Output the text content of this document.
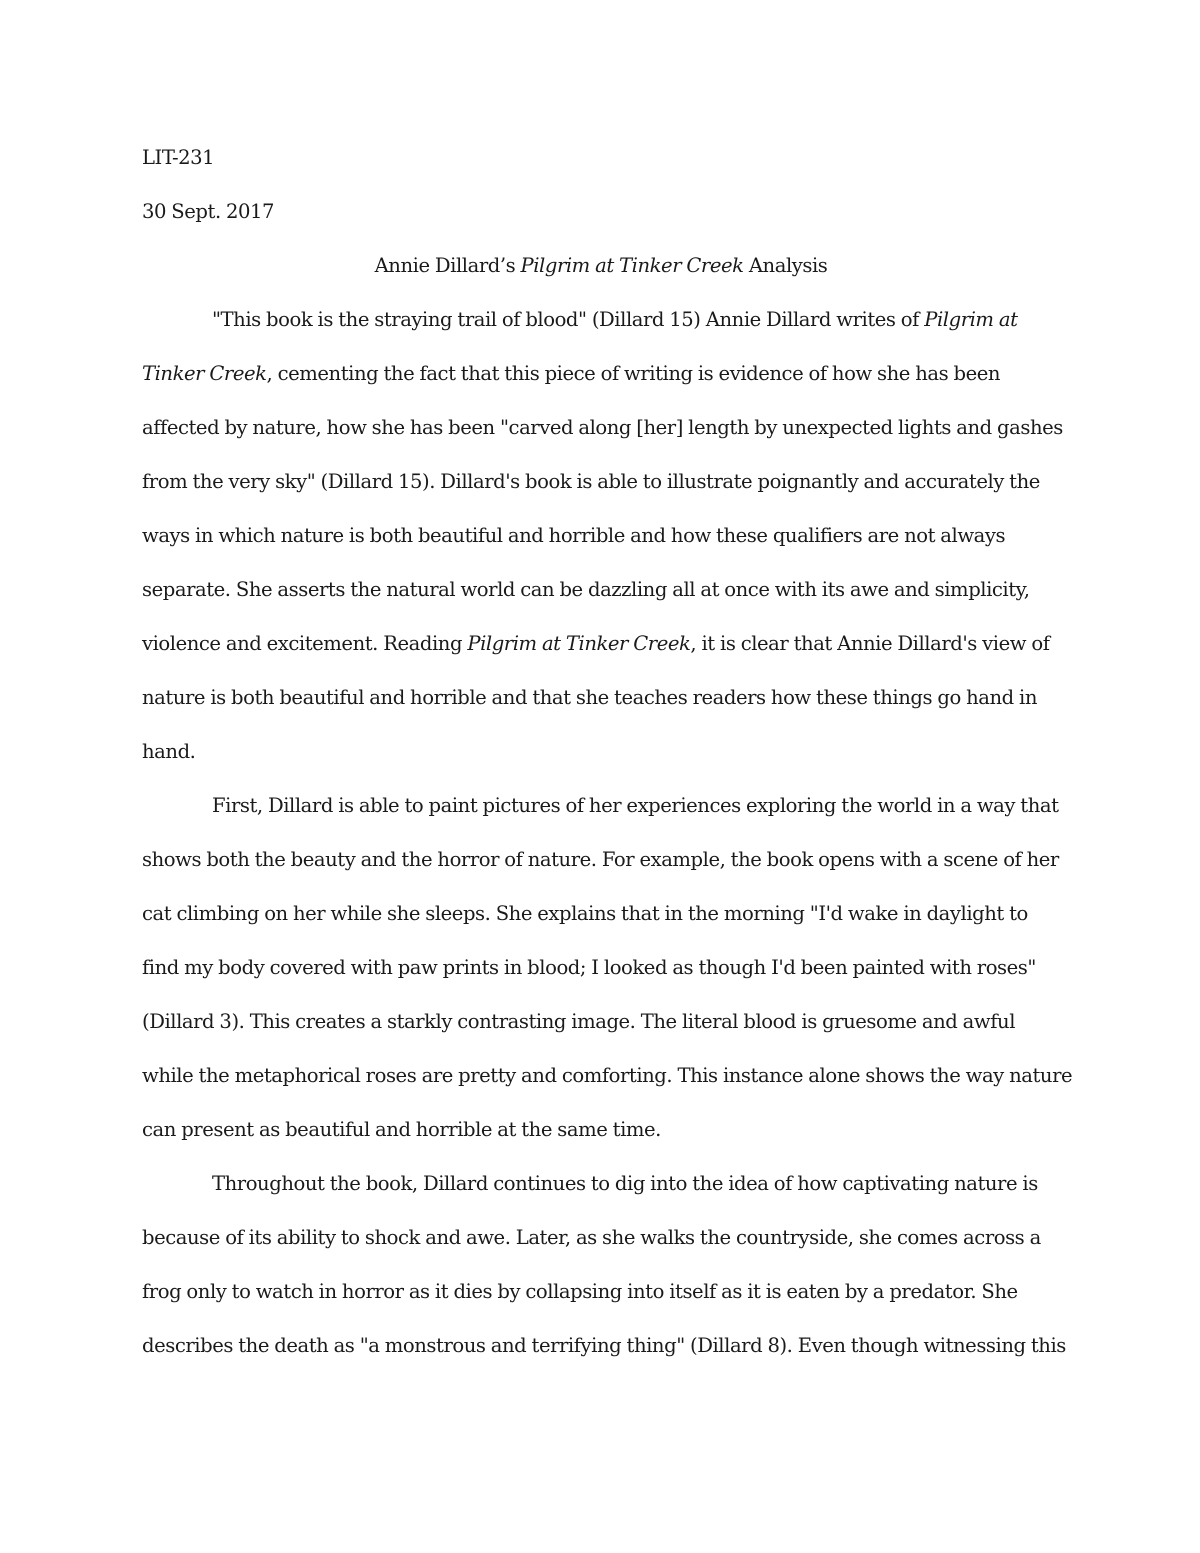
LIT-231
30 Sept. 2017
Annie Dillard’s Pilgrim at Tinker Creek Analysis
"This book is the straying trail of blood" (Dillard 15) Annie Dillard writes of Pilgrim at
Tinker Creek, cementing the fact that this piece of writing is evidence of how she has been
affected by nature, how she has been "carved along [her] length by unexpected lights and gashes
from the very sky" (Dillard 15). Dillard's book is able to illustrate poignantly and accurately the
ways in which nature is both beautiful and horrible and how these qualifiers are not always
separate. She asserts the natural world can be dazzling all at once with its awe and simplicity,
violence and excitement. Reading Pilgrim at Tinker Creek, it is clear that Annie Dillard's view of
nature is both beautiful and horrible and that she teaches readers how these things go hand in
hand.
First, Dillard is able to paint pictures of her experiences exploring the world in a way that
shows both the beauty and the horror of nature. For example, the book opens with a scene of her
cat climbing on her while she sleeps. She explains that in the morning "I'd wake in daylight to
find my body covered with paw prints in blood; I looked as though I'd been painted with roses"
(Dillard 3). This creates a starkly contrasting image. The literal blood is gruesome and awful
while the metaphorical roses are pretty and comforting. This instance alone shows the way nature
can present as beautiful and horrible at the same time.
Throughout the book, Dillard continues to dig into the idea of how captivating nature is
because of its ability to shock and awe. Later, as she walks the countryside, she comes across a
frog only to watch in horror as it dies by collapsing into itself as it is eaten by a predator. She
describes the death as "a monstrous and terrifying thing" (Dillard 8). Even though witnessing this
